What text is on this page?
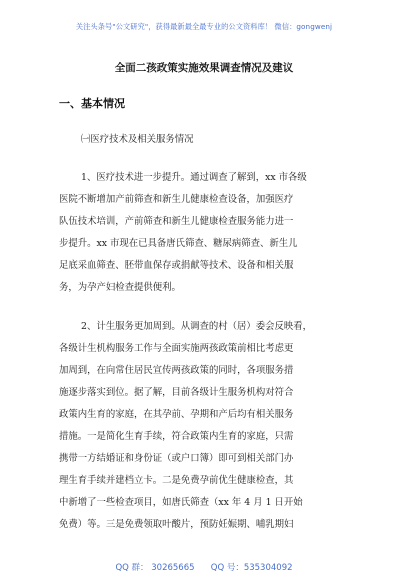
关注头条号"公文研究"，获得最新最全最专业的公文资料库！ 微信：gongwenj
全面二孩政策实施效果调查情况及建议
一、基本情况
㈠医疗技术及相关服务情况
1、医疗技术进一步提升。通过调查了解到，xx 市各级
医院不断增加产前筛查和新生儿健康检查设备，加强医疗
队伍技术培训，产前筛查和新生儿健康检查服务能力进一
步提升。xx 市现在已具备唐氏筛查、糖尿病筛查、新生儿
足底采血筛查、胚带血保存或捐献等技术、设备和相关服
务，为孕产妇检查提供便利。
2、计生服务更加周到。从调查的村（居）委会反映看，
各级计生机构服务工作与全面实施两孩政策前相比考虑更
加周到，在向常住居民宣传两孩政策的同时，各项服务措
施逐步落实到位。据了解，目前各级计生服务机构对符合
政策内生育的家庭，在其孕前、孕期和产后均有相关服务
措施。一是简化生育手续，符合政策内生育的家庭，只需
携带一方结婚证和身份证（或户口簿）即可到相关部门办
理生育手续并建档立卡。二是免费孕前优生健康检查，其
中新增了一些检查项目，如唐氏筛查（xx 年 4 月 1 日开始
免费）等。三是免费领取叶酸片，预防妊娠期、哺乳期妇
QQ 群： 30265665 QQ 号：535304092
